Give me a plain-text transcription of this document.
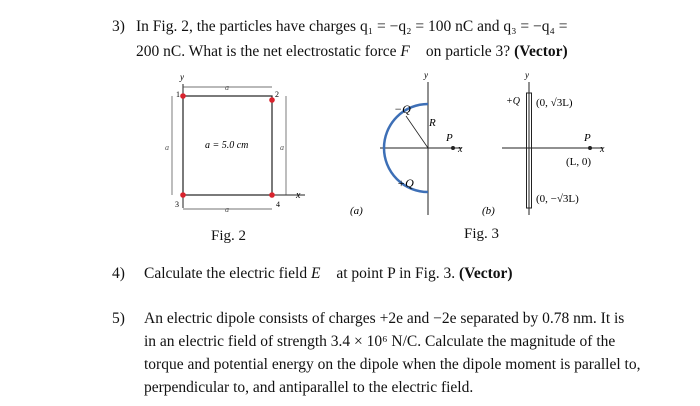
3) In Fig. 2, the particles have charges q₁ = −q₂ = 100 nC and q₃ = −q₄ =
200 nC. What is the net electrostatic force F⃗ on particle 3? (Vector)
y
x
a
a
a	a
a = 5.0 cm
1	2
3	4
y
x
−Q
+Q
R
P
y
x
+Q (0, √3L)
P
(L, 0)
(0, −√3L)
(a)	(b)
Fig. 2	Fig. 3
4) Calculate the electric field E⃗ at point P in Fig. 3. (Vector)
5) An electric dipole consists of charges +2e and −2e separated by 0.78 nm. It is
in an electric field of strength 3.4 × 10⁶ N/C. Calculate the magnitude of the
torque and potential energy on the dipole when the dipole moment is parallel to,
perpendicular to, and antiparallel to the electric field.
